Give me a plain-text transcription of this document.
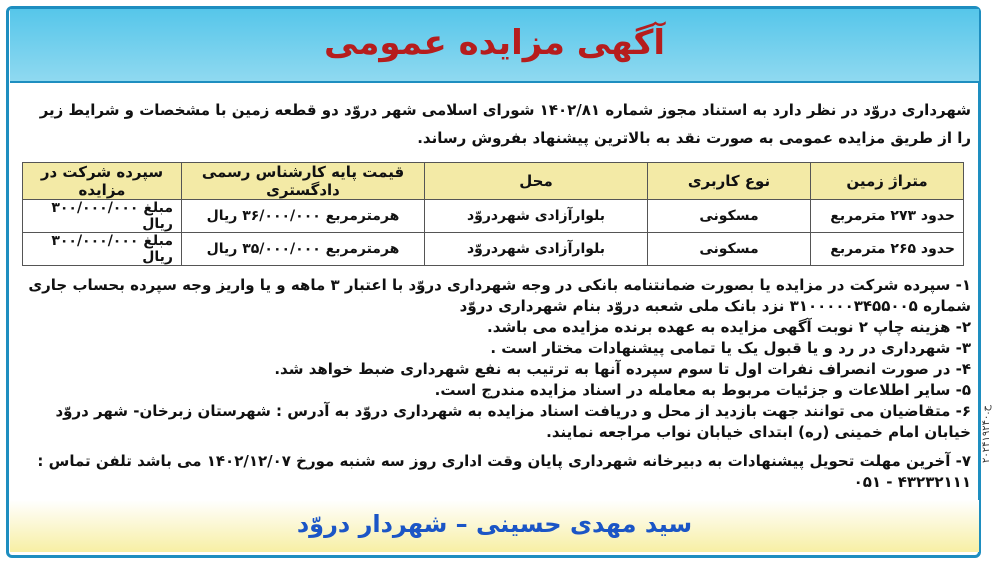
آگهی مزایده عمومی
شهرداری دروّد در نظر دارد به استناد مجوز شماره ۱۴۰۲/۸۱ شورای اسلامی شهر دروّد دو قطعه زمین با مشخصات و شرایط زیر را از طریق مزایده عمومی به صورت نقد به بالاترین پیشنهاد بفروش رساند.
متراژ زمین	نوع کاربری	محل	قیمت پایه کارشناس رسمی دادگستری	سپرده شرکت در مزایده
حدود ۲۷۳ مترمربع	مسکونی	بلوارآزادی شهردروّد	هرمترمربع ۳۶/۰۰۰/۰۰۰ ریال	مبلغ ۳۰۰/۰۰۰/۰۰۰ ریال
حدود ۲۶۵ مترمربع	مسکونی	بلوارآزادی شهردروّد	هرمترمربع ۳۵/۰۰۰/۰۰۰ ریال	مبلغ ۳۰۰/۰۰۰/۰۰۰ ریال

۱- سپرده شرکت در مزایده یا بصورت ضمانتنامه بانکی در وجه شهرداری دروّد با اعتبار ۳ ماهه و یا واریز وجه سپرده بحساب جاری شماره ۳۱۰۰۰۰۰۳۴۵۵۰۰۵ نزد بانک ملی شعبه دروّد بنام شهرداری دروّد

۲- هزینه چاپ ۲ نوبت آگهی مزایده به عهده برنده مزایده می باشد.

۳- شهرداری در رد و یا قبول یک یا تمامی پیشنهادات مختار است .

۴- در صورت انصراف نفرات اول تا سوم سپرده آنها به ترتیب به نفع شهرداری ضبط خواهد شد.

۵- سایر اطلاعات و جزئیات مربوط به معامله در اسناد مزایده مندرج است.

۶- متقاضیان می توانند جهت بازدید از محل و دریافت اسناد مزایده به شهرداری دروّد به آدرس : شهرستان زبرخان- شهر دروّد خیابان امام خمینی (ره) ابتدای خیابان نواب مراجعه نمایند.

۷- آخرین مهلت تحویل پیشنهادات به دبیرخانه شهرداری پایان وقت اداری روز سه شنبه مورخ ۱۴۰۲/۱۲/۰۷ می باشد تلفن تماس : ۴۳۲۳۲۱۱۱ - ۰۵۱

سید مهدی حسینی – شهردار دروّد
ح.۲۰۲۴۱۹۲۴۰
